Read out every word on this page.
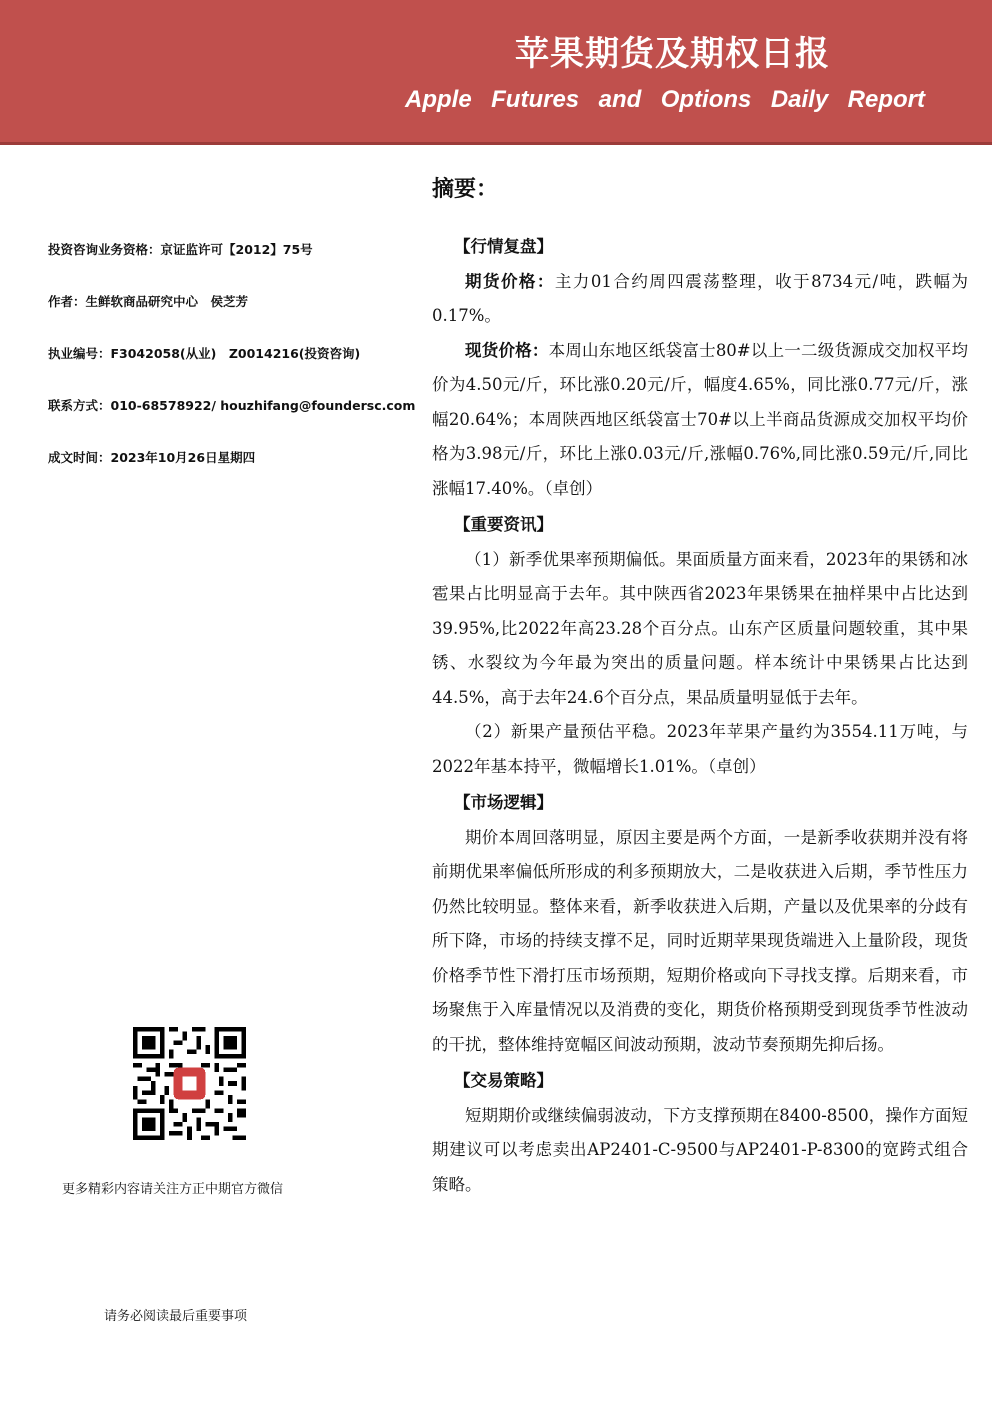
苹果期货及期权日报
Apple Futures and Options Daily Report
投资咨询业务资格：京证监许可【2012】75号
作者：生鲜软商品研究中心　侯芝芳
执业编号：F3042058(从业)　Z0014216(投资咨询)
联系方式：010-68578922/ houzhifang@foundersc.com
成文时间：2023年10月26日星期四
更多精彩内容请关注方正中期官方微信
请务必阅读最后重要事项
摘要：

【行情复盘】

期货价格：主力01合约周四震荡整理，收于8734元/吨，跌幅为0.17%。

现货价格：本周山东地区纸袋富士80#以上一二级货源成交加权平均价为4.50元/斤，环比涨0.20元/斤，幅度4.65%，同比涨0.77元/斤，涨幅20.64%；本周陕西地区纸袋富士70#以上半商品货源成交加权平均价格为3.98元/斤，环比上涨0.03元/斤,涨幅0.76%,同比涨0.59元/斤,同比涨幅17.40%。（卓创）

【重要资讯】

（1）新季优果率预期偏低。果面质量方面来看，2023年的果锈和冰雹果占比明显高于去年。其中陕西省2023年果锈果在抽样果中占比达到39.95%,比2022年高23.28个百分点。山东产区质量问题较重，其中果锈、水裂纹为今年最为突出的质量问题。样本统计中果锈果占比达到44.5%，高于去年24.6个百分点，果品质量明显低于去年。

（2）新果产量预估平稳。2023年苹果产量约为3554.11万吨，与2022年基本持平，微幅增长1.01%。（卓创）

【市场逻辑】

期价本周回落明显，原因主要是两个方面，一是新季收获期并没有将前期优果率偏低所形成的利多预期放大，二是收获进入后期，季节性压力仍然比较明显。整体来看，新季收获进入后期，产量以及优果率的分歧有所下降，市场的持续支撑不足，同时近期苹果现货端进入上量阶段，现货价格季节性下滑打压市场预期，短期价格或向下寻找支撑。后期来看，市场聚焦于入库量情况以及消费的变化，期货价格预期受到现货季节性波动的干扰，整体维持宽幅区间波动预期，波动节奏预期先抑后扬。

【交易策略】

短期期价或继续偏弱波动，下方支撑预期在8400-8500，操作方面短期建议可以考虑卖出AP2401-C-9500与AP2401-P-8300的宽跨式组合策略。
